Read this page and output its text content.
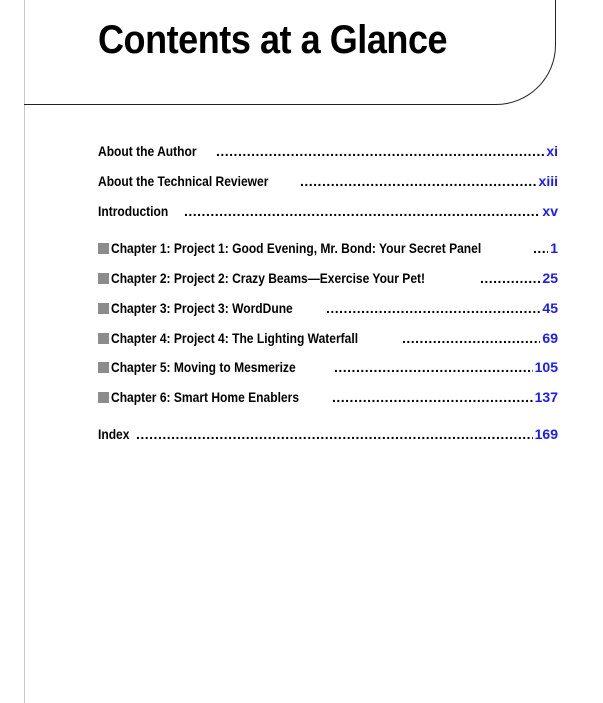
Contents at a Glance
About the Author .....	xi
About the Technical Reviewer .....	xiii
Introduction .....	xv
Chapter 1: Project 1: Good Evening, Mr. Bond: Your Secret Panel .....	1
Chapter 2: Project 2: Crazy Beams—Exercise Your Pet! .....	25
Chapter 3: Project 3: WordDune .....	45
Chapter 4: Project 4: The Lighting Waterfall .....	69
Chapter 5: Moving to Mesmerize .....	105
Chapter 6: Smart Home Enablers .....	137
Index .....	169
